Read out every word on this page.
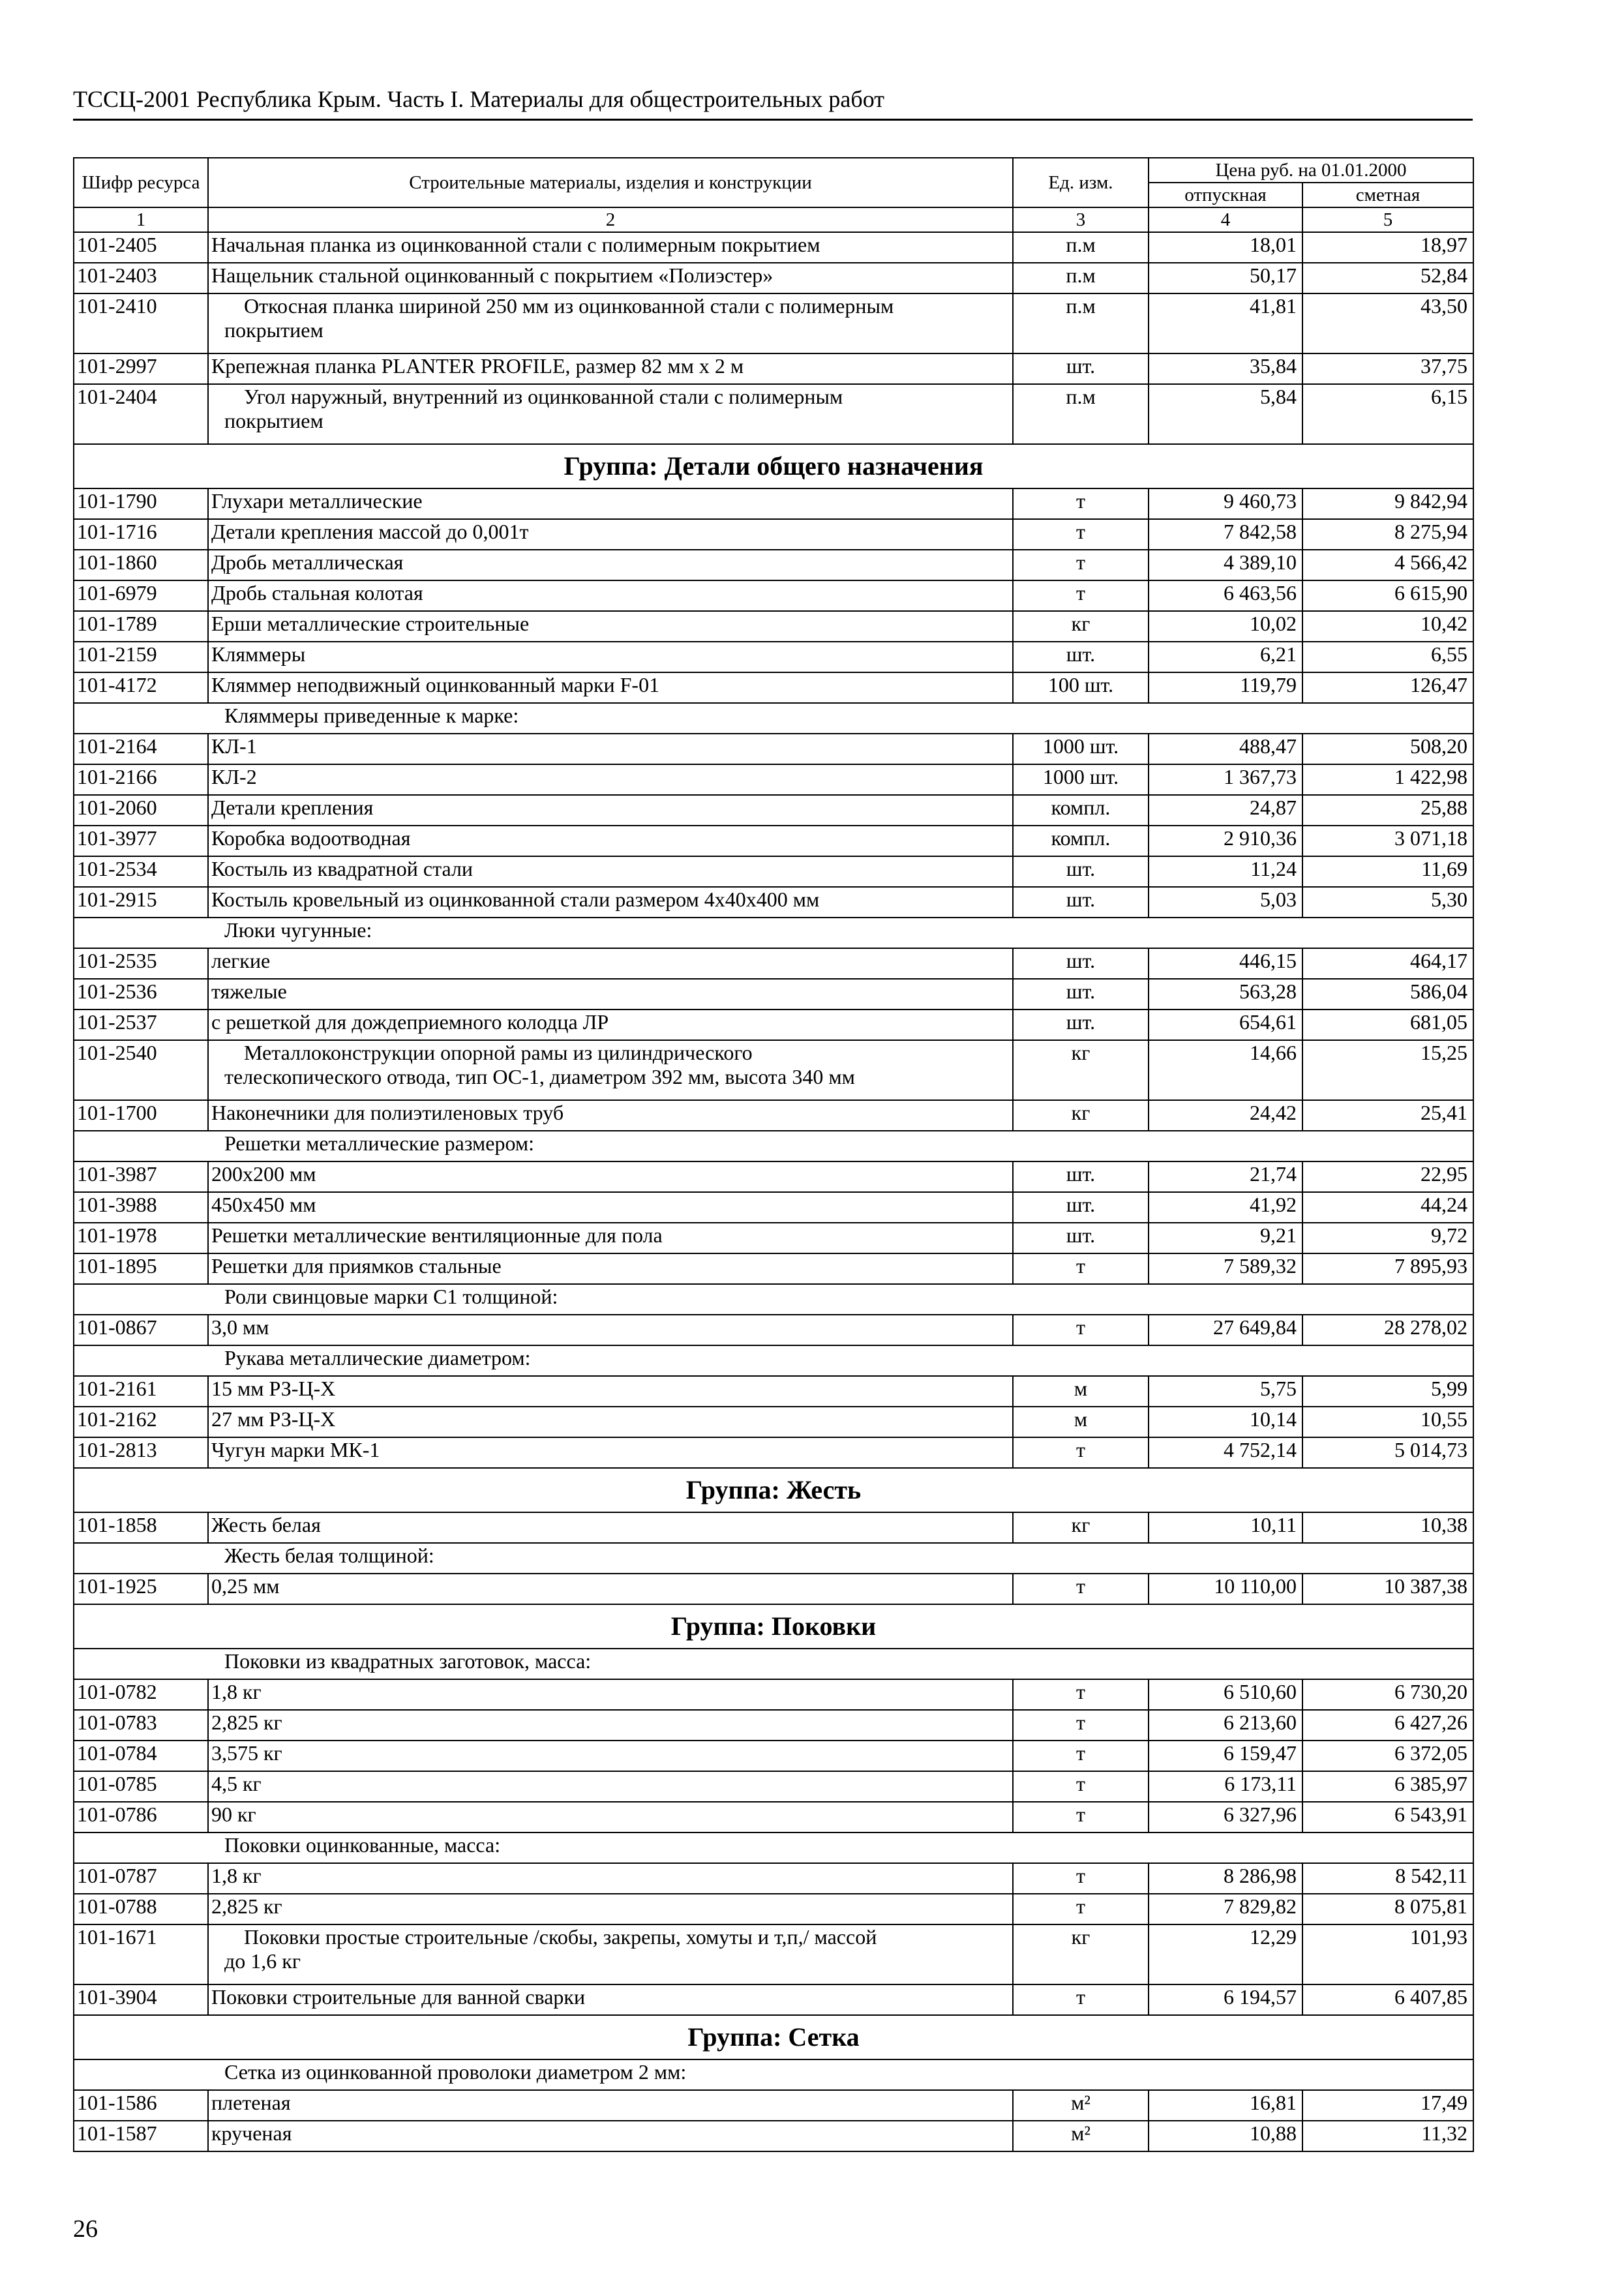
ТССЦ-2001 Республика Крым. Часть I. Материалы для общестроительных работ
Шифр ресурса	Строительные материалы, изделия и конструкции	Ед. изм.	Цена руб. на 01.01.2000	
			отпускная	сметная
1	2	3	4	5
101-2405	Начальная планка из оцинкованной стали с полимерным покрытием	п.м	18,01	18,97
101-2403	Нащельник стальной оцинкованный с покрытием «Полиэстер»	п.м	50,17	52,84
101-2410	Откосная планка шириной 250 мм из оцинкованной стали с полимерным
покрытием	п.м	41,81	43,50
101-2997	Крепежная планка PLANTER PROFILE, размер 82 мм х 2 м	шт.	35,84	37,75
101-2404	Угол наружный, внутренний из оцинкованной стали с полимерным
покрытием	п.м	5,84	6,15
Группа: Детали общего назначения				
101-1790	Глухари металлические	т	9 460,73	9 842,94
101-1716	Детали крепления массой до 0,001т	т	7 842,58	8 275,94
101-1860	Дробь металлическая	т	4 389,10	4 566,42
101-6979	Дробь стальная колотая	т	6 463,56	6 615,90
101-1789	Ерши металлические строительные	кг	10,02	10,42
101-2159	Кляммеры	шт.	6,21	6,55
101-4172	Кляммер неподвижный оцинкованный марки F-01	100 шт.	119,79	126,47
Кляммеры приведенные к марке:				
101-2164	КЛ-1	1000 шт.	488,47	508,20
101-2166	КЛ-2	1000 шт.	1 367,73	1 422,98
101-2060	Детали крепления	компл.	24,87	25,88
101-3977	Коробка водоотводная	компл.	2 910,36	3 071,18
101-2534	Костыль из квадратной стали	шт.	11,24	11,69
101-2915	Костыль кровельный из оцинкованной стали размером 4х40х400 мм	шт.	5,03	5,30
Люки чугунные:				
101-2535	легкие	шт.	446,15	464,17
101-2536	тяжелые	шт.	563,28	586,04
101-2537	с решеткой для дождеприемного колодца ЛР	шт.	654,61	681,05
101-2540	Металлоконструкции опорной рамы из цилиндрического
телескопического отвода, тип ОС-1, диаметром 392 мм, высота 340 мм	кг	14,66	15,25
101-1700	Наконечники для полиэтиленовых труб	кг	24,42	25,41
Решетки металлические размером:				
101-3987	200х200 мм	шт.	21,74	22,95
101-3988	450х450 мм	шт.	41,92	44,24
101-1978	Решетки металлические вентиляционные для пола	шт.	9,21	9,72
101-1895	Решетки для приямков стальные	т	7 589,32	7 895,93
Роли свинцовые марки С1 толщиной:				
101-0867	3,0 мм	т	27 649,84	28 278,02
Рукава металлические диаметром:				
101-2161	15 мм РЗ-Ц-Х	м	5,75	5,99
101-2162	27 мм РЗ-Ц-Х	м	10,14	10,55
101-2813	Чугун марки МК-1	т	4 752,14	5 014,73
Группа: Жесть				
101-1858	Жесть белая	кг	10,11	10,38
Жесть белая толщиной:				
101-1925	0,25 мм	т	10 110,00	10 387,38
Группа: Поковки				
Поковки из квадратных заготовок, масса:				
101-0782	1,8 кг	т	6 510,60	6 730,20
101-0783	2,825 кг	т	6 213,60	6 427,26
101-0784	3,575 кг	т	6 159,47	6 372,05
101-0785	4,5 кг	т	6 173,11	6 385,97
101-0786	90 кг	т	6 327,96	6 543,91
Поковки оцинкованные, масса:				
101-0787	1,8 кг	т	8 286,98	8 542,11
101-0788	2,825 кг	т	7 829,82	8 075,81
101-1671	Поковки простые строительные /скобы, закрепы, хомуты и т,п,/ массой
до 1,6 кг	кг	12,29	101,93
101-3904	Поковки строительные для ванной сварки	т	6 194,57	6 407,85
Группа: Сетка				
Сетка из оцинкованной проволоки диаметром 2 мм:				
101-1586	плетеная	м²	16,81	17,49
101-1587	крученая	м²	10,88	11,32
26
